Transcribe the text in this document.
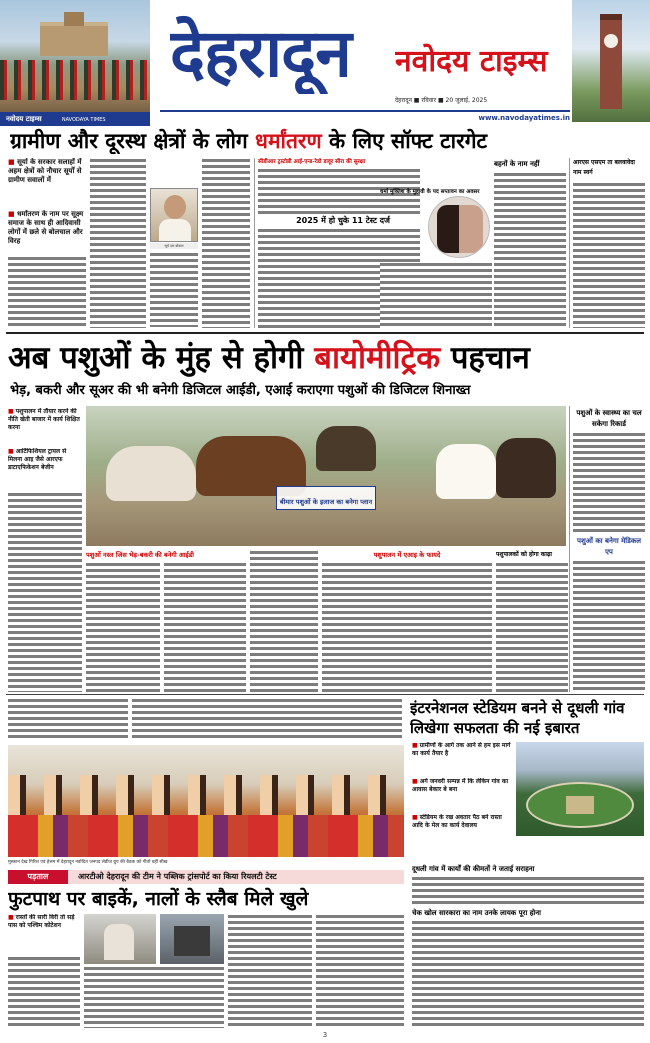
नवोदय टाइम्स	NAVODAYA TIMES
देहरादून	नवोदय टाइम्स
देहरादून ■ रविवार ■ 20 जुलाई, 2025
www.navodayatimes.in
ग्रामीण और दूरस्थ क्षेत्रों के लोग धर्मांतरण के लिए सॉफ्ट टारगेट
■ सूर्या के सरकार सलाहों में अहम क्षेत्रों को नौचार सूर्यों से ग्रामीण सवालों में
■ धर्मांतरण के नाम पर सूक्ष्म समाज के साथ ही आदिवासी लोगों में छले से बोलचाल और विरह
सूर्य दत्त बोवाल
सीडीआर ट्रस्टोन्नी आई-एन्ड-रेडो डावूर सीरा की सुरक्षा
2025 में हो चुके 11 टेस्ट दर्ज
धर्मा मुक्तिश के मुहावी के पद सप्तावन का अवसर
बहनों के नाम नहीं	आरएस एसएम ता बलवावेदा नाम स्वर्ग
अब पशुओं के मुंह से होगी बायोमीट्रिक पहचान
भेड़, बकरी और सूअर की भी बनेगी डिजिटल आईडी, एआई कराएगा पशुओं की डिजिटल शिनाख्त
■ पशुपालन में तौयार करने की नीति खेती बाजार में कार्य शिक्षित करना
■ आर्टिफिशियल ट्रायल से मिलना आइ जैसे आरएफ डाटाएफिकेशन बेजीन
बीमार पशुओं के इलाज का बनेगा प्लान
पशुओं नस्ल जिस भेड़-बकरी की बनेगी आईडी	पशुपालन में एआइ के फायदे	पशुपालकों को होगा काढ़ा
पशुओं के स्वास्थ्य का चल सकेगा रिकार्ड
पशुओं का बनेगा मेडिकल एप
मुस्कान देख गिरिश एवं हेत्तम में देहरादून नवोदित जनपद लेडीज ग्रुप की बैठक को गीतों वहीं सीख
इंटरनेशनल स्टेडियम बनने से दूधली गांव लिखेगा सफलता की नई इबारत
■ ग्रामीणों के आगे तक आने से हम इस मार्ग का कार्य तैयार है
■ अगे जनवरी सम्पन्न में कि लेकिन गांव का आवास बेकार बे बना
■ स्टेडियम के रख अवतार पैठ बने रास्ता आदि के मेल का कार्य देवालय
दूधली गांव में कार्यों की कीमतों ने जताई सराहना
चेक खोल सारकारा का नाम उनके लायक पूरा होना
पड़ताल	आरटीओ देहरादून की टीम ने पब्लिक ट्रांसपोर्ट का किया रियलटी टेस्ट
फुटपाथ पर बाइकें, नालों के स्लैब मिले खुले
■ रास्तों की सारी विरी तो सड़े पास को पश्चिम कोटेशन
3
